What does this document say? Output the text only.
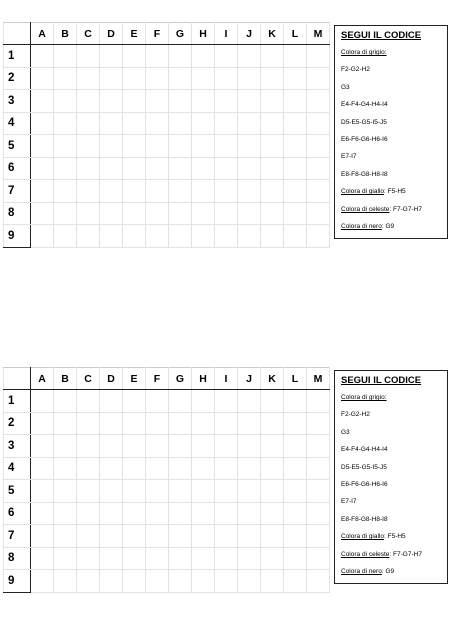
	A	B	C	D	E	F	G	H	I	J	K	L	M
1													
2													
3													
4													
5													
6													
7													
8													
9													
SEGUI IL CODICE
Colora di grigio:
F2-G2-H2
G3
E4-F4-G4-H4-I4
D5-E5-G5-I5-J5
E6-F6-G6-H6-I6
E7-I7
E8-F8-G8-H8-I8
Colora di giallo: F5-H5
Colora di celeste: F7-G7-H7
Colora di nero: G9
	A	B	C	D	E	F	G	H	I	J	K	L	M
1													
2													
3													
4													
5													
6													
7													
8													
9													
SEGUI IL CODICE
Colora di grigio:
F2-G2-H2
G3
E4-F4-G4-H4-I4
D5-E5-G5-I5-J5
E6-F6-G6-H6-I6
E7-I7
E8-F8-G8-H8-I8
Colora di giallo: F5-H5
Colora di celeste: F7-G7-H7
Colora di nero: G9
